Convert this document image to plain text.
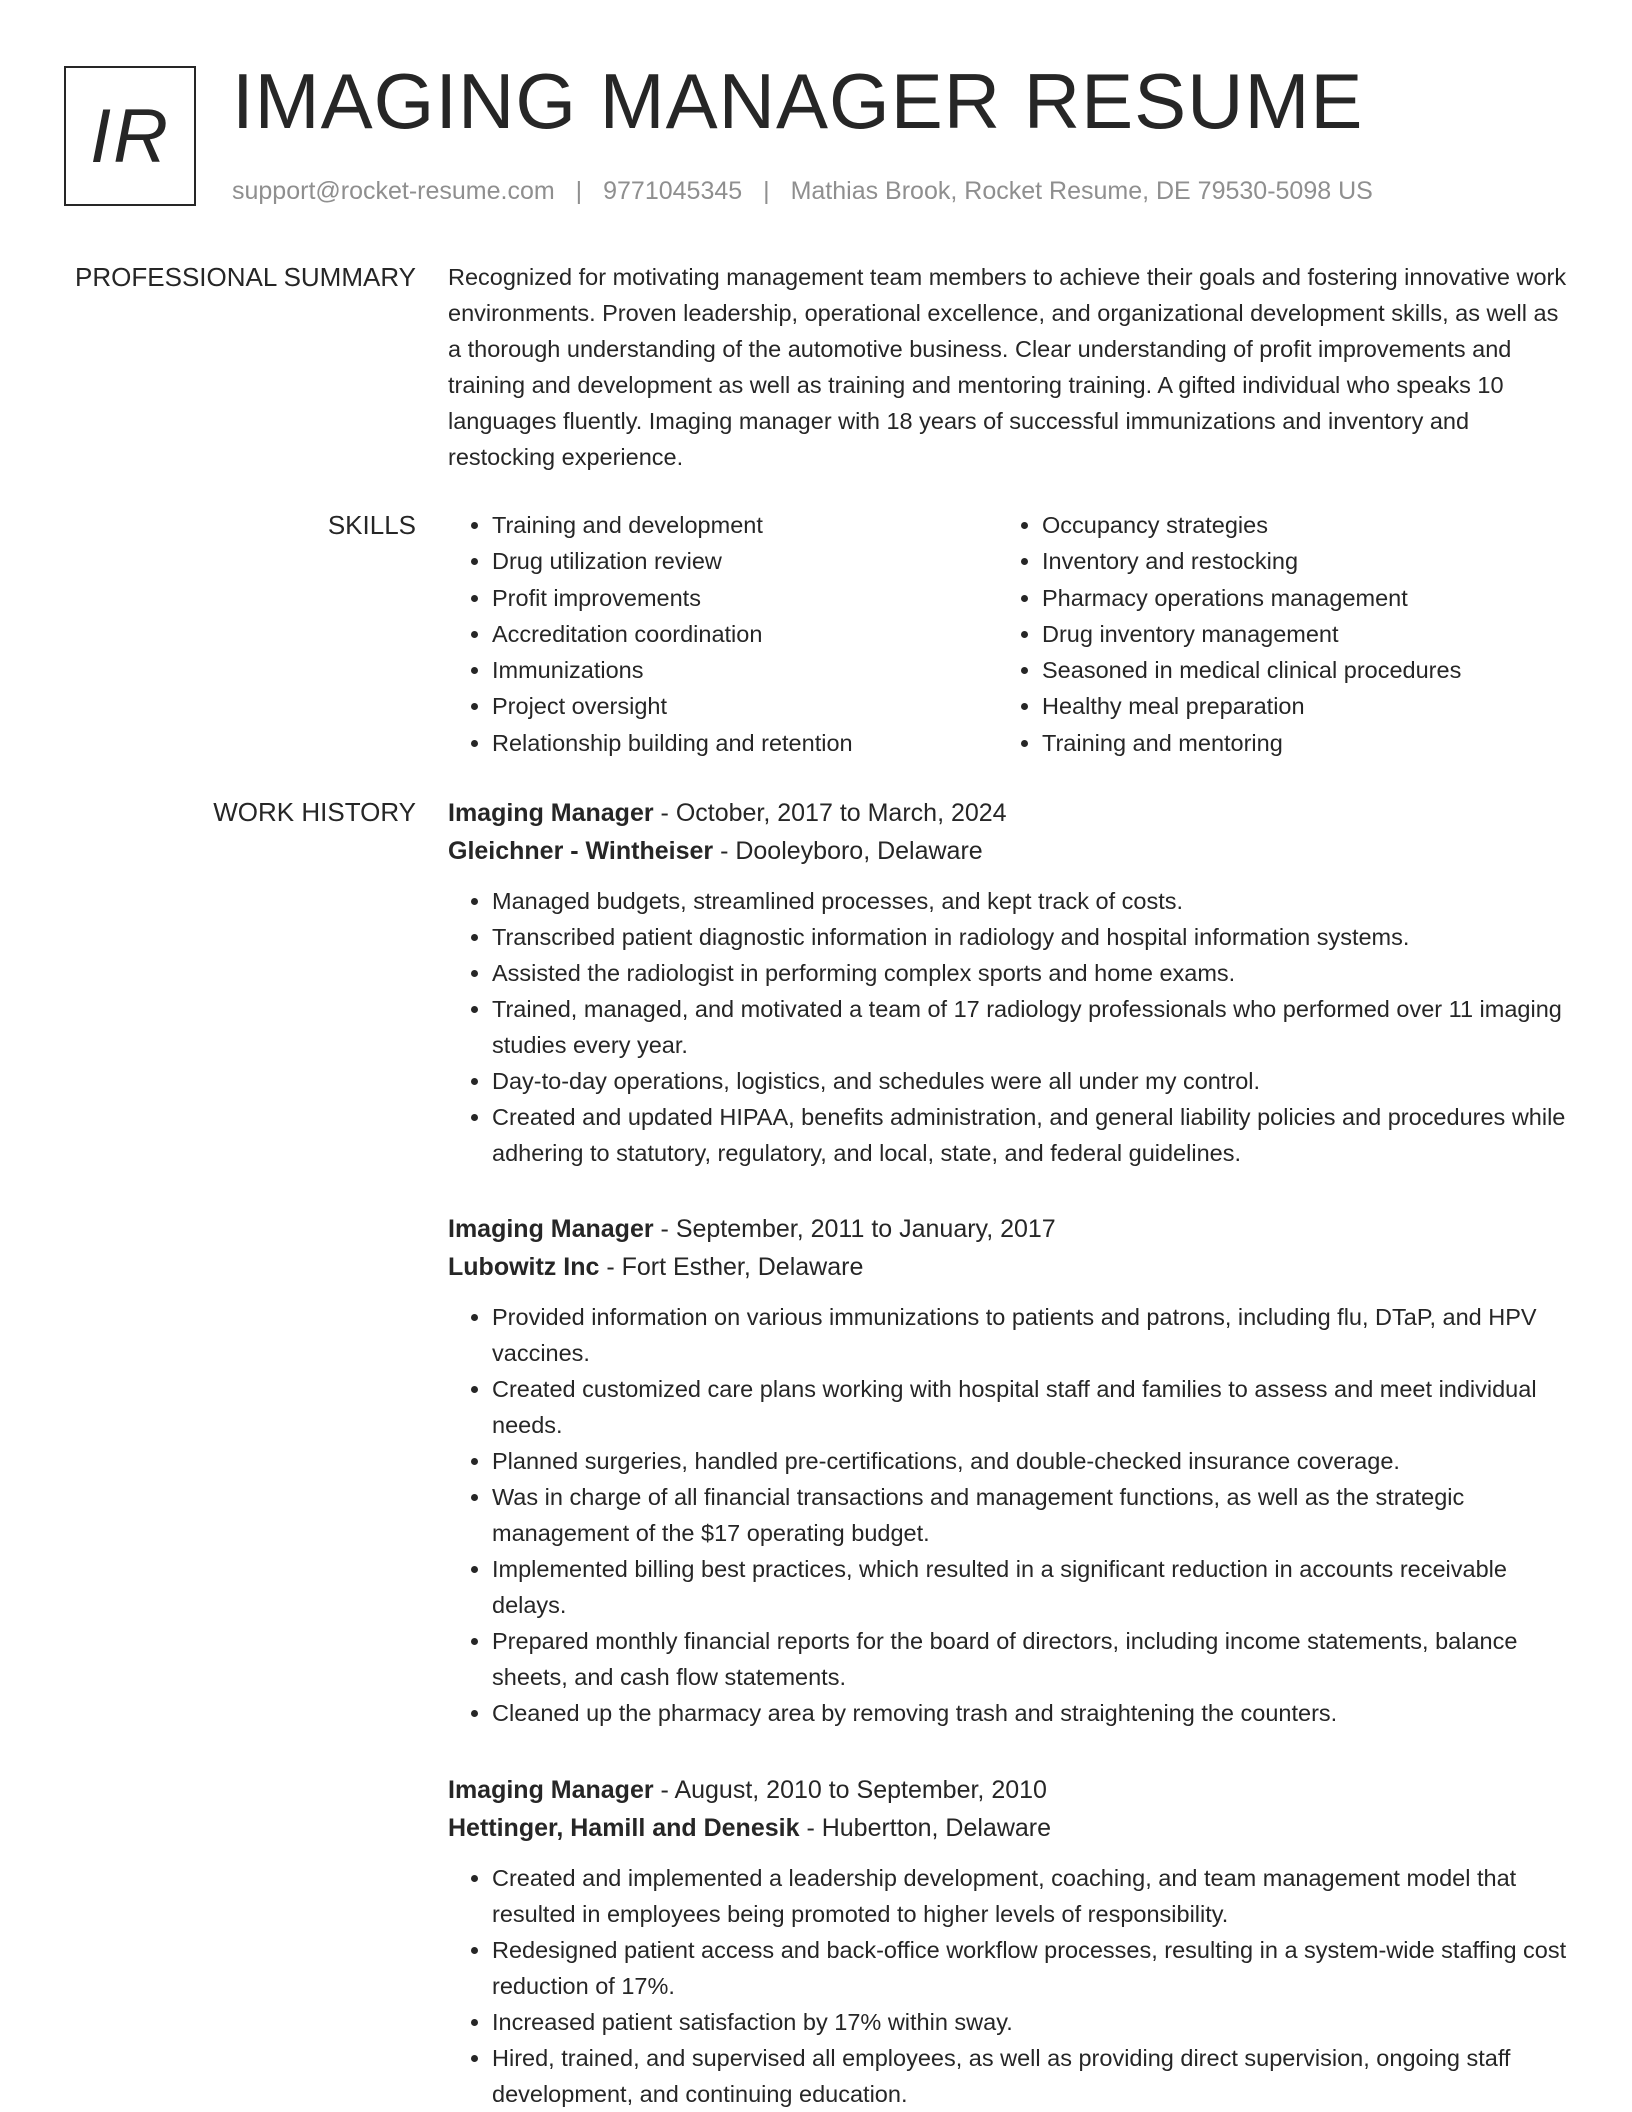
IR IMAGING MANAGER RESUME
support@rocket-resume.com | 9771045345 | Mathias Brook, Rocket Resume, DE 79530-5098 US
PROFESSIONAL SUMMARY Recognized for motivating management team members to achieve their goals and fostering innovative work environments. Proven leadership, operational excellence, and organizational development skills, as well as a thorough understanding of the automotive business. Clear understanding of profit improvements and training and development as well as training and mentoring training. A gifted individual who speaks 10 languages fluently. Imaging manager with 18 years of successful immunizations and inventory and restocking experience.

SKILLS
•	Training and development
• Drug utilization review
• Profit improvements
• Accreditation coordination
• Immunizations
• Project oversight
• Relationship building and retention
• Occupancy strategies
• Inventory and restocking
• Pharmacy operations management
• Drug inventory management
• Seasoned in medical clinical procedures
• Healthy meal preparation
• Training and mentoring
WORK HISTORY Imaging Manager - October, 2017 to March, 2024
Gleichner - Wintheiser - Dooleyboro, Delaware
• Managed budgets, streamlined processes, and kept track of costs.
• Transcribed patient diagnostic information in radiology and hospital information systems.
• Assisted the radiologist in performing complex sports and home exams.
• Trained, managed, and motivated a team of 17 radiology professionals who performed over 11 imaging studies every year.
• Day-to-day operations, logistics, and schedules were all under my control.
• Created and updated HIPAA, benefits administration, and general liability policies and procedures while adhering to statutory, regulatory, and local, state, and federal guidelines.
Imaging Manager - September, 2011 to January, 2017
Lubowitz Inc - Fort Esther, Delaware
• Provided information on various immunizations to patients and patrons, including flu, DTaP, and HPV vaccines.
• Created customized care plans working with hospital staff and families to assess and meet individual needs.
• Planned surgeries, handled pre-certifications, and double-checked insurance coverage.
• Was in charge of all financial transactions and management functions, as well as the strategic management of the $17 operating budget.
• Implemented billing best practices, which resulted in a significant reduction in accounts receivable delays.
• Prepared monthly financial reports for the board of directors, including income statements, balance sheets, and cash flow statements.
• Cleaned up the pharmacy area by removing trash and straightening the counters.
Imaging Manager - August, 2010 to September, 2010
Hettinger, Hamill and Denesik - Hubertton, Delaware
• Created and implemented a leadership development, coaching, and team management model that resulted in employees being promoted to higher levels of responsibility.
• Redesigned patient access and back-office workflow processes, resulting in a system-wide staffing cost reduction of 17%.
• Increased patient satisfaction by 17% within sway.
• Hired, trained, and supervised all employees, as well as providing direct supervision, ongoing staff development, and continuing education.
